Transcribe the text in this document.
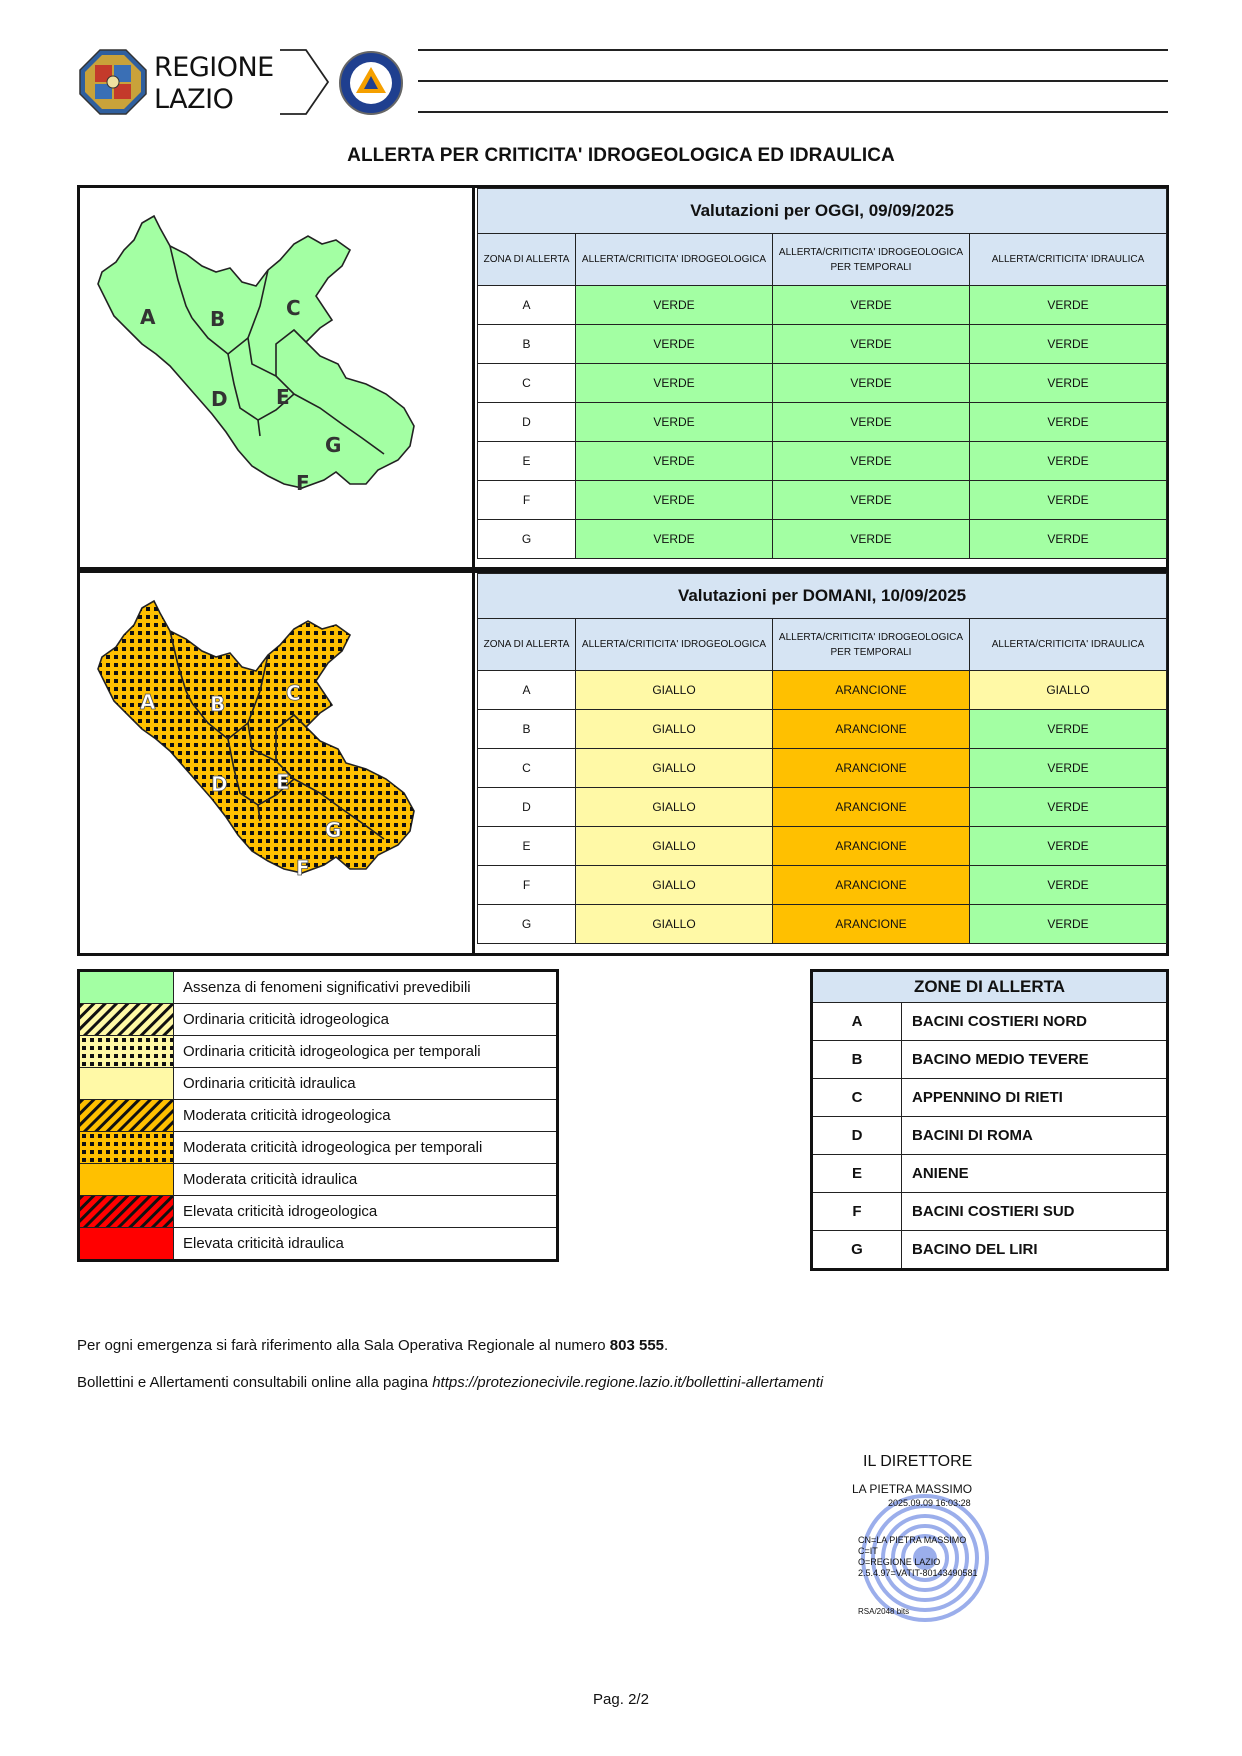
REGIONE
LAZIO
ALLERTA PER CRITICITA' IDROGEOLOGICA ED IDRAULICA
A	B	C
D E
G
F
Valutazioni per OGGI, 09/09/2025			
ZONA DI ALLERTA	ALLERTA/CRITICITA' IDROGEOLOGICA	ALLERTA/CRITICITA' IDROGEOLOGICA PER TEMPORALI	ALLERTA/CRITICITA' IDRAULICA
A	VERDE	VERDE	VERDE
B	VERDE	VERDE	VERDE
C	VERDE	VERDE	VERDE
D	VERDE	VERDE	VERDE
E	VERDE	VERDE	VERDE
F	VERDE	VERDE	VERDE
G	VERDE	VERDE	VERDE
A	B	C
D E
G
F
Valutazioni per DOMANI, 10/09/2025			
ZONA DI ALLERTA	ALLERTA/CRITICITA' IDROGEOLOGICA	ALLERTA/CRITICITA' IDROGEOLOGICA PER TEMPORALI	ALLERTA/CRITICITA' IDRAULICA
A	GIALLO	ARANCIONE	GIALLO
B	GIALLO	ARANCIONE	VERDE
C	GIALLO	ARANCIONE	VERDE
D	GIALLO	ARANCIONE	VERDE
E	GIALLO	ARANCIONE	VERDE
F	GIALLO	ARANCIONE	VERDE
G	GIALLO	ARANCIONE	VERDE
	Assenza di fenomeni significativi prevedibili

	Ordinaria criticità idrogeologica

	Ordinaria criticità idrogeologica per temporali

	Ordinaria criticità idraulica

	Moderata criticità idrogeologica

	Moderata criticità idrogeologica per temporali

	Moderata criticità idraulica

	Elevata criticità idrogeologica

	Elevata criticità idraulica
ZONE DI ALLERTA	
A	BACINI COSTIERI NORD
B	BACINO MEDIO TEVERE
C	APPENNINO DI RIETI
D	BACINI DI ROMA
E	ANIENE
F	BACINI COSTIERI SUD
G	BACINO DEL LIRI
Per ogni emergenza si farà riferimento alla Sala Operativa Regionale al numero 803 555.
Bollettini e Allertamenti consultabili online alla pagina https://protezionecivile.regione.lazio.it/bollettini-allertamenti
IL DIRETTORE
LA PIETRA MASSIMO
2025.09.09 16:03:28
CN=LA PIETRA MASSIMO
C=IT
O=REGIONE LAZIO
2.5.4.97=VATIT-80143490581
RSA/2048 bits
Pag. 2/2
